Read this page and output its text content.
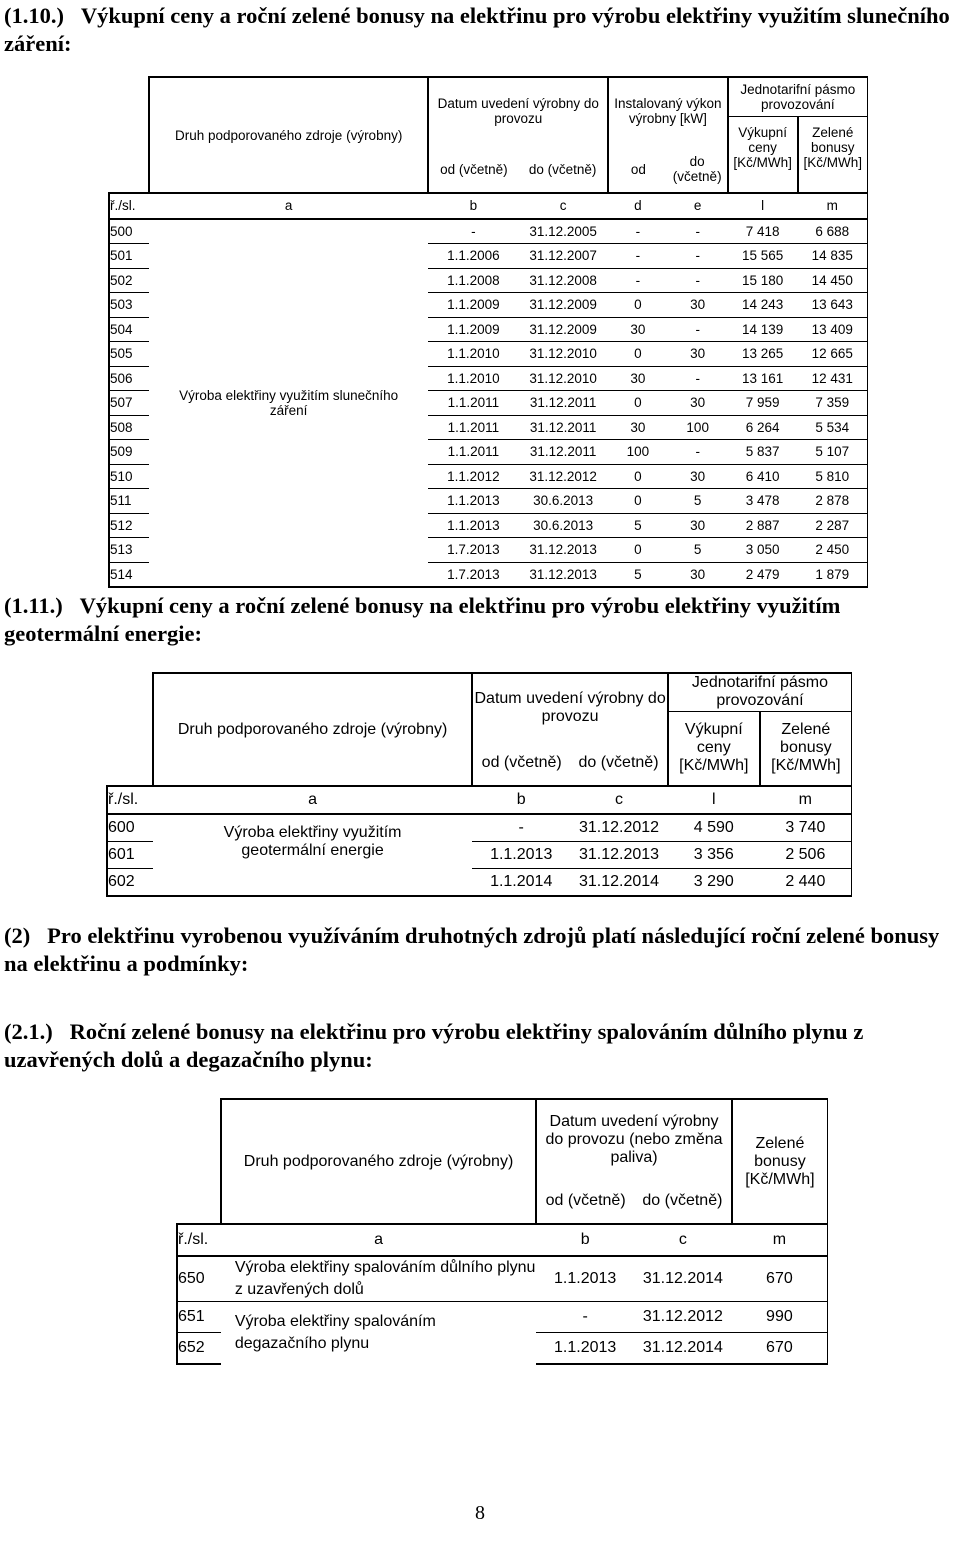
(1.10.) Výkupní ceny a roční zelené bonusy na elektřinu pro výrobu elektřiny využitím slunečního záření:
	Druh podporovaného zdroje (výrobny)	Datum uvedení výrobny do provozu		Instalovaný výkon výrobny [kW]		Jednotarifní pásmo provozování	
						Výkupní ceny [Kč/MWh]	Zelené bonusy [Kč/MWh]
		od (včetně)	do (včetně)	od	do (včetně)		
ř./sl.	a	b	c	d	e	l	m
500	Výroba elektřiny využitím slunečního záření	-	31.12.2005	-	-	7 418	6 688
501		1.1.2006	31.12.2007	-	-	15 565	14 835
502		1.1.2008	31.12.2008	-	-	15 180	14 450
503		1.1.2009	31.12.2009	0	30	14 243	13 643
504		1.1.2009	31.12.2009	30	-	14 139	13 409
505		1.1.2010	31.12.2010	0	30	13 265	12 665
506		1.1.2010	31.12.2010	30	-	13 161	12 431
507		1.1.2011	31.12.2011	0	30	7 959	7 359
508		1.1.2011	31.12.2011	30	100	6 264	5 534
509		1.1.2011	31.12.2011	100	-	5 837	5 107
510		1.1.2012	31.12.2012	0	30	6 410	5 810
511		1.1.2013	30.6.2013	0	5	3 478	2 878
512		1.1.2013	30.6.2013	5	30	2 887	2 287
513		1.7.2013	31.12.2013	0	5	3 050	2 450
514		1.7.2013	31.12.2013	5	30	2 479	1 879
(1.11.) Výkupní ceny a roční zelené bonusy na elektřinu pro výrobu elektřiny využitím geotermální energie:
	Druh podporovaného zdroje (výrobny)	Datum uvedení výrobny do provozu		Jednotarifní pásmo provozování	
				Výkupní ceny [Kč/MWh]	Zelené bonusy [Kč/MWh]
		od (včetně)	do (včetně)		
ř./sl.	a	b	c	l	m
600	Výroba elektřiny využitím geotermální energie	-	31.12.2012	4 590	3 740
601		1.1.2013	31.12.2013	3 356	2 506
602		1.1.2014	31.12.2014	3 290	2 440
(2) Pro elektřinu vyrobenou využíváním druhotných zdrojů platí následující roční zelené bonusy na elektřinu a podmínky:
(2.1.) Roční zelené bonusy na elektřinu pro výrobu elektřiny spalováním důlního plynu z uzavřených dolů a degazačního plynu:
	Druh podporovaného zdroje (výrobny)	Datum uvedení výrobny do provozu (nebo změna paliva)		Zelené bonusy [Kč/MWh]
		od (včetně)	do (včetně)	
ř./sl.	a	b	c	m
650	Výroba elektřiny spalováním důlního plynu z uzavřených dolů	1.1.2013	31.12.2014	670
651	Výroba elektřiny spalováním degazačního plynu	-	31.12.2012	990
652		1.1.2013	31.12.2014	670
8
